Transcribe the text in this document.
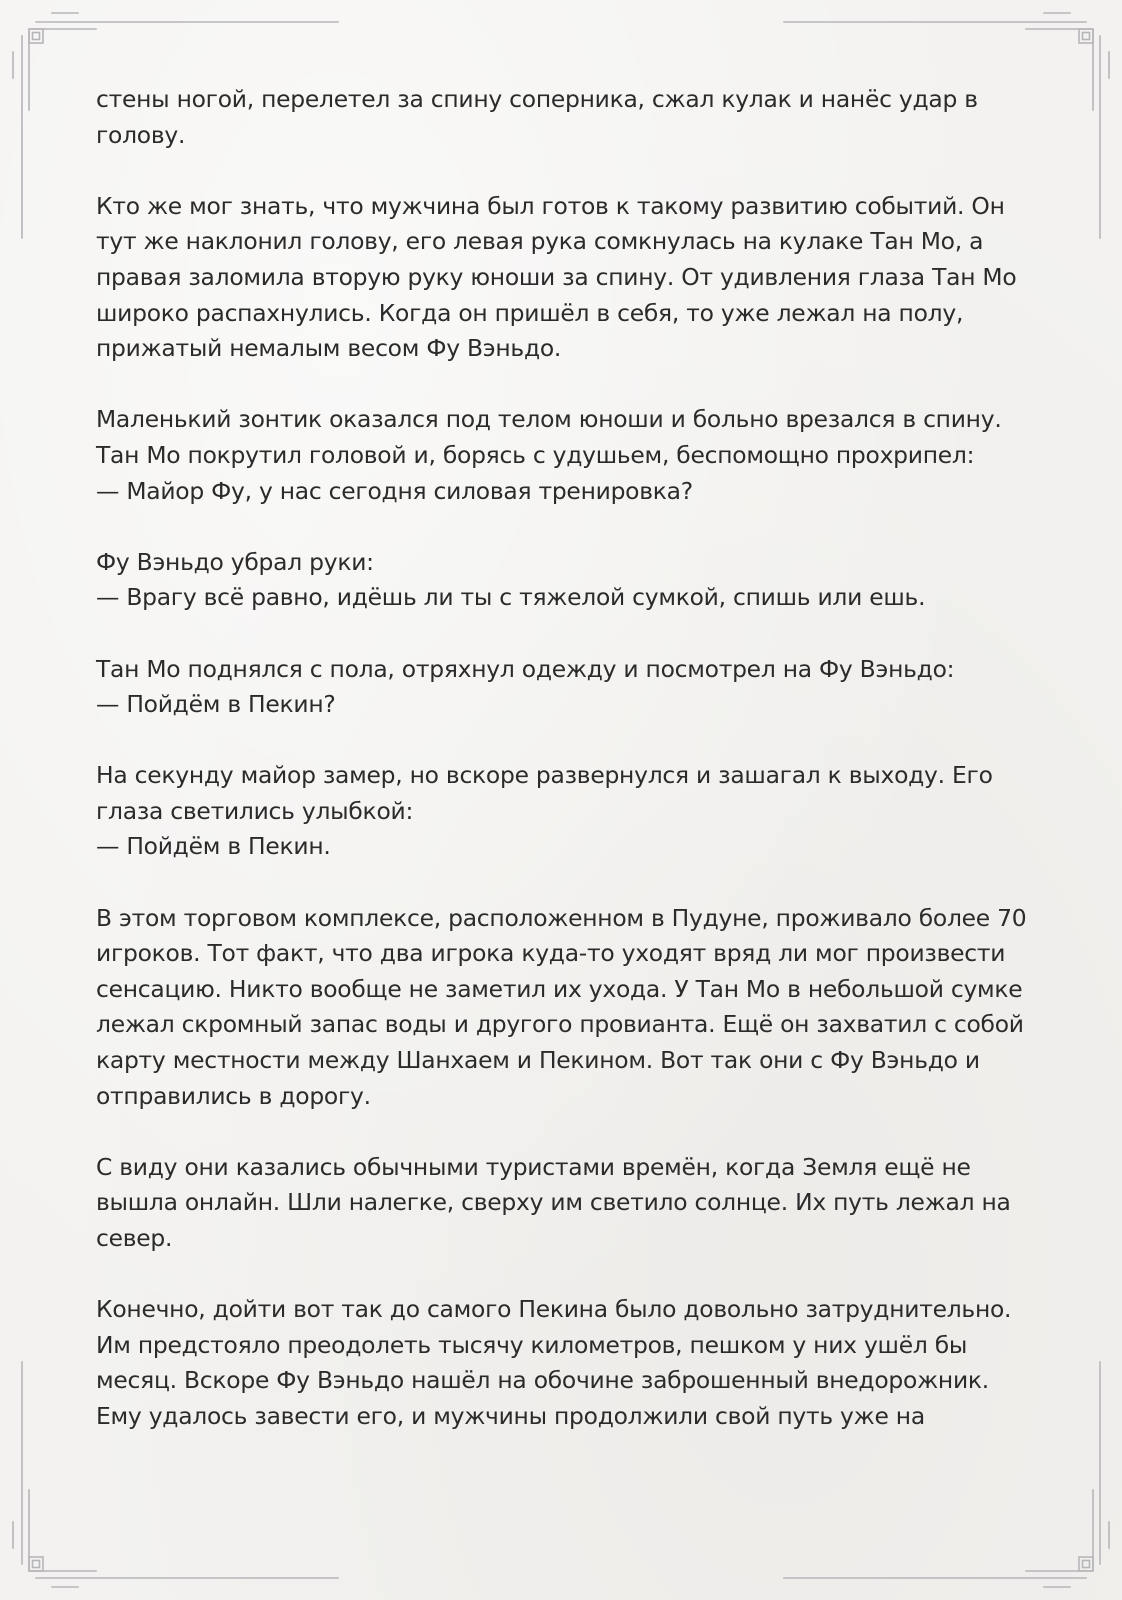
стены ногой, перелетел за спину соперника, сжал кулак и нанёс удар в голову.

Кто же мог знать, что мужчина был готов к такому развитию событий. Он тут же наклонил голову, его левая рука сомкнулась на кулаке Тан Мо, а правая заломила вторую руку юноши за спину. От удивления глаза Тан Мо широко распахнулись. Когда он пришёл в себя, то уже лежал на полу, прижатый немалым весом Фу Вэньдо.

Маленький зонтик оказался под телом юноши и больно врезался в спину. Тан Мо покрутил головой и, борясь с удушьем, беспомощно прохрипел:
— Майор Фу, у нас сегодня силовая тренировка?

Фу Вэньдо убрал руки:
— Врагу всё равно, идёшь ли ты с тяжелой сумкой, спишь или ешь.

Тан Мо поднялся с пола, отряхнул одежду и посмотрел на Фу Вэньдо:
— Пойдём в Пекин?

На секунду майор замер, но вскоре развернулся и зашагал к выходу. Его глаза светились улыбкой:
— Пойдём в Пекин.

В этом торговом комплексе, расположенном в Пудуне, проживало более 70 игроков. Тот факт, что два игрока куда-то уходят вряд ли мог произвести сенсацию. Никто вообще не заметил их ухода. У Тан Мо в небольшой сумке лежал скромный запас воды и другого провианта. Ещё он захватил с собой карту местности между Шанхаем и Пекином. Вот так они с Фу Вэньдо и отправились в дорогу.

С виду они казались обычными туристами времён, когда Земля ещё не вышла онлайн. Шли налегке, сверху им светило солнце. Их путь лежал на север.

Конечно, дойти вот так до самого Пекина было довольно затруднительно. Им предстояло преодолеть тысячу километров, пешком у них ушёл бы месяц. Вскоре Фу Вэньдо нашёл на обочине заброшенный внедорожник. Ему удалось завести его, и мужчины продолжили свой путь уже на
